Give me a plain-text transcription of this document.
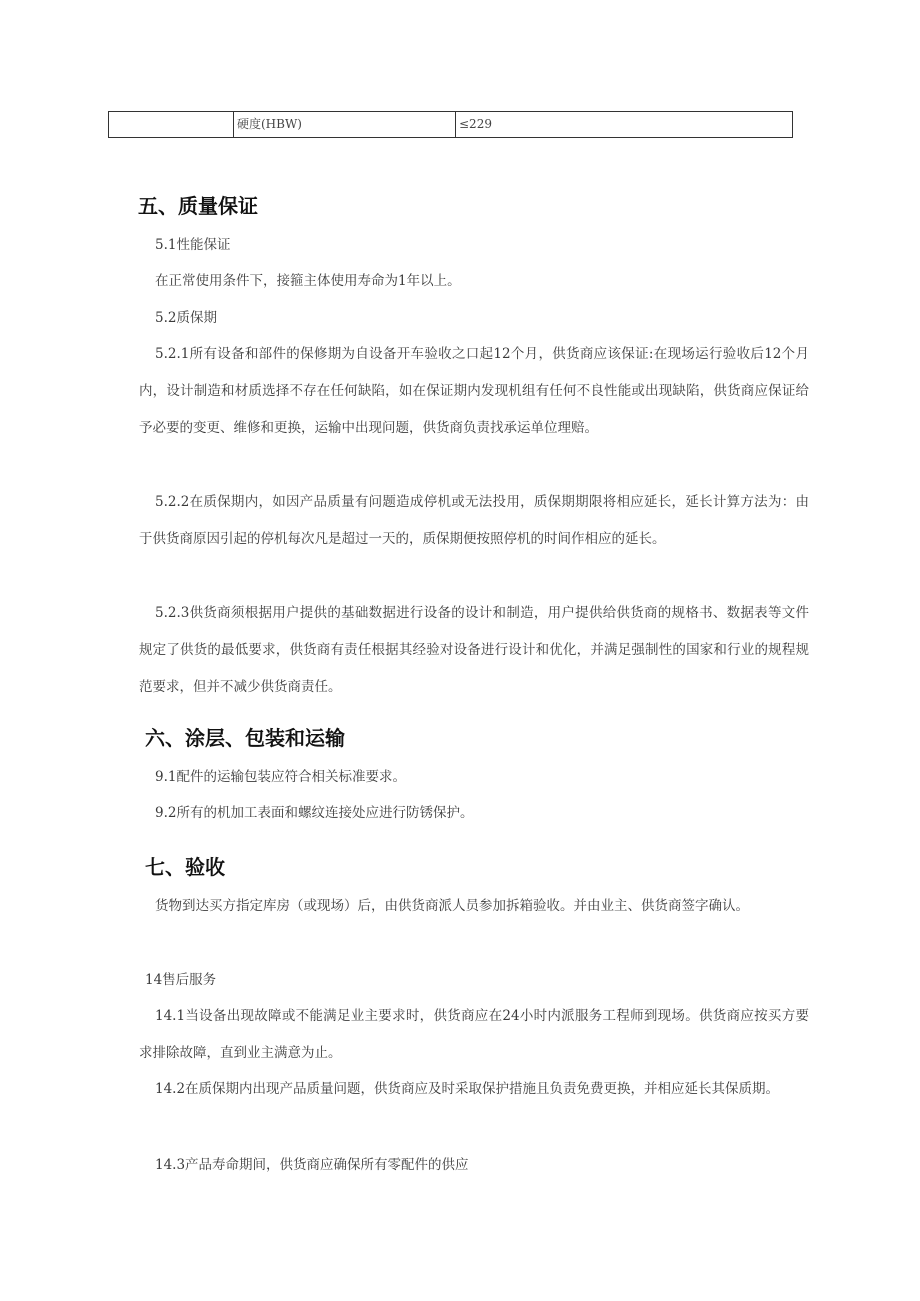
	硬度(HBW)	≤229
五、质量保证

5.1性能保证

在正常使用条件下，接箍主体使用寿命为1年以上。

5.2质保期

5.2.1所有设备和部件的保修期为自设备开车验收之口起12个月，供货商应该保证:在现场运行验收后12个月内，设计制造和材质选择不存在任何缺陷，如在保证期内发现机组有任何不良性能或出现缺陷，供货商应保证给予必要的变更、维修和更换，运输中出现问题，供货商负责找承运单位理赔。

5.2.2在质保期内，如因产品质量有问题造成停机或无法投用，质保期期限将相应延长，延长计算方法为：由于供货商原因引起的停机每次凡是超过一天的，质保期便按照停机的时间作相应的延长。

5.2.3供货商须根据用户提供的基础数据进行设备的设计和制造，用户提供给供货商的规格书、数据表等文件规定了供货的最低要求，供货商有责任根据其经验对设备进行设计和优化，并满足强制性的国家和行业的规程规范要求，但并不减少供货商责任。

六、涂层、包装和运输

9.1配件的运输包装应符合相关标准要求。

9.2所有的机加工表面和螺纹连接处应进行防锈保护。

七、验收

货物到达买方指定库房（或现场）后，由供货商派人员参加拆箱验收。并由业主、供货商签字确认。

14售后服务

14.1当设备出现故障或不能满足业主要求时，供货商应在24小时内派服务工程师到现场。供货商应按买方要求排除故障，直到业主满意为止。

14.2在质保期内出现产品质量问题，供货商应及时采取保护措施且负责免费更换，并相应延长其保质期。

14.3产品寿命期间，供货商应确保所有零配件的供应
